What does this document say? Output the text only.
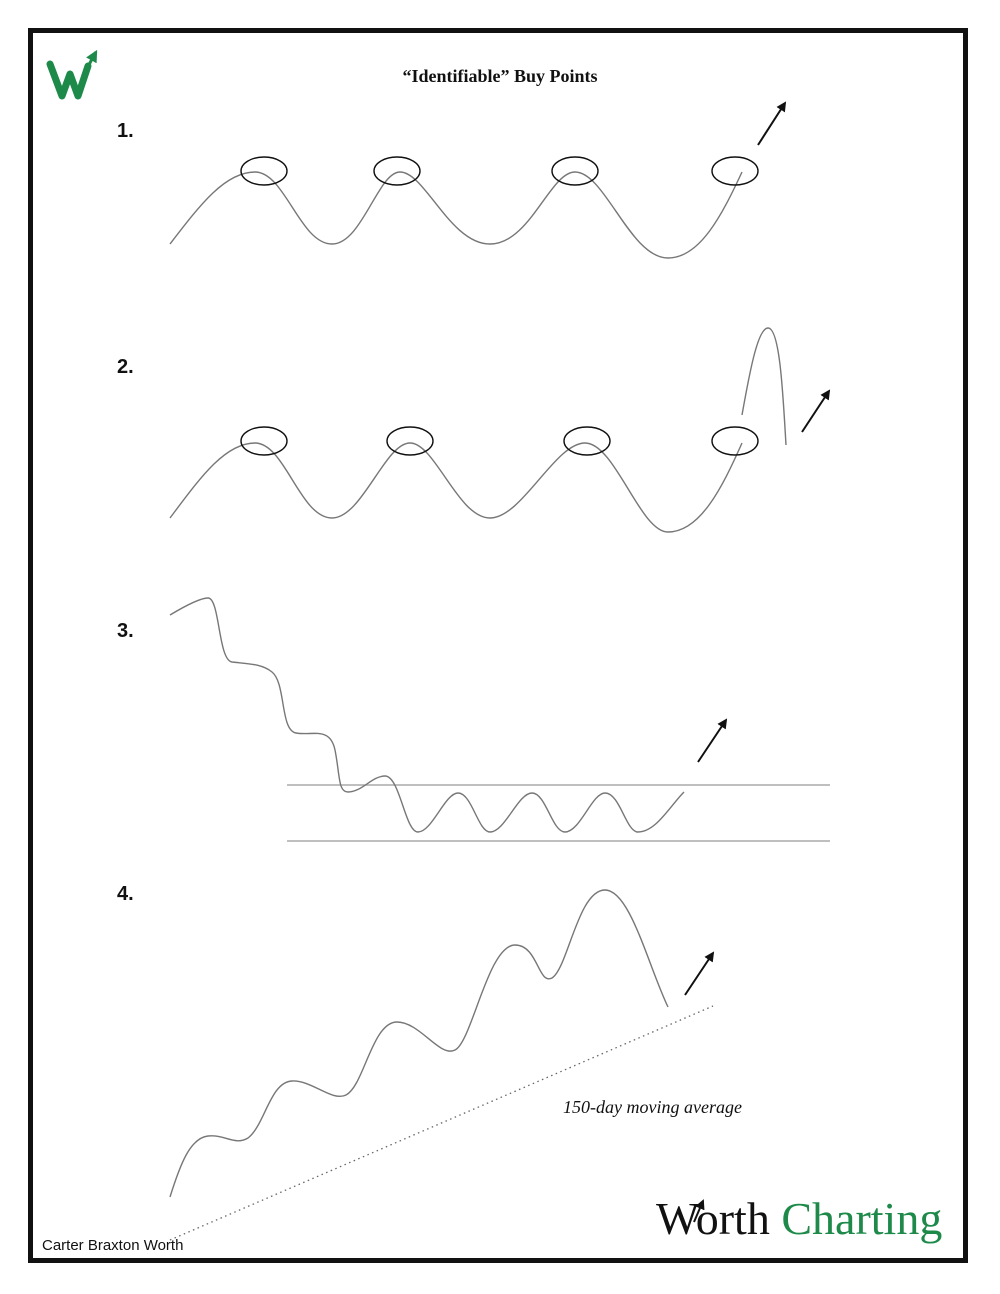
“Identifiable” Buy Points
1.
2.
3.
4.
150-day moving average
Carter Braxton Worth
Worth Charting
